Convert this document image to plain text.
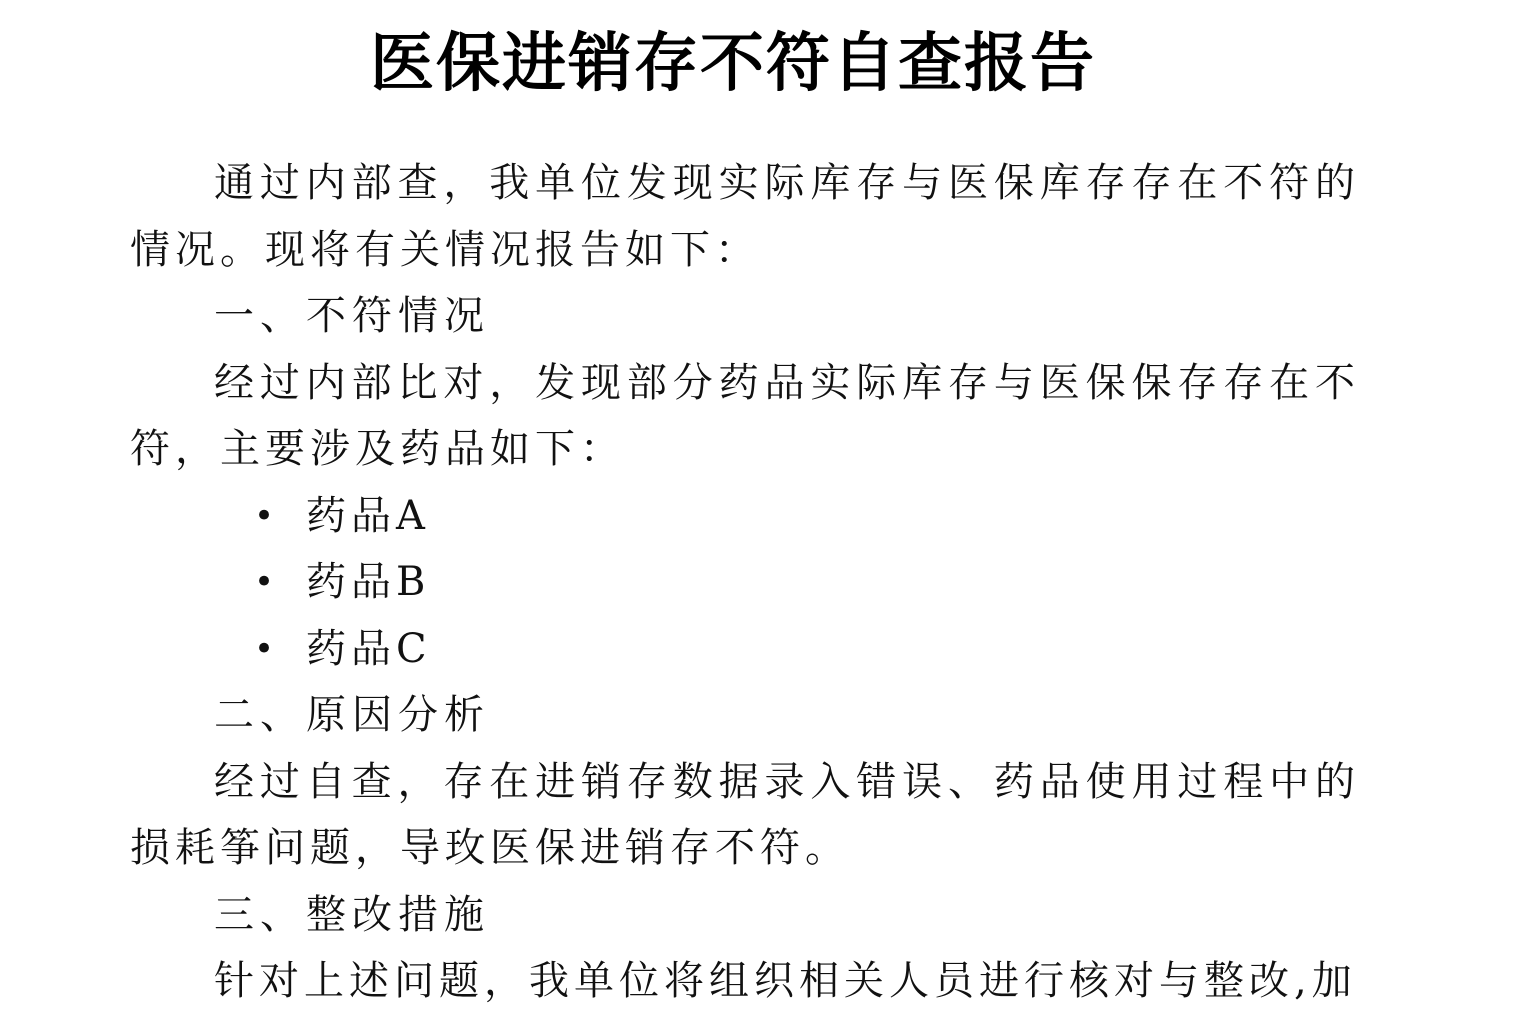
医保进销存不符自查报告

通过内部查，我单位发现实际库存与医保库存存在不符的情况。现将有关情况报告如下：

一、不符情况

经过内部比对，发现部分药品实际库存与医保保存存在不符，主要涉及药品如下：

• 药品A
• 药品B
• 药品C

二、原因分析

经过自查，存在进销存数据录入错误、药品使用过程中的损耗筝问题，导玫医保进销存不符。

三、整改措施

针对上述问题，我单位将组织相关人员进行核对与整改,加
